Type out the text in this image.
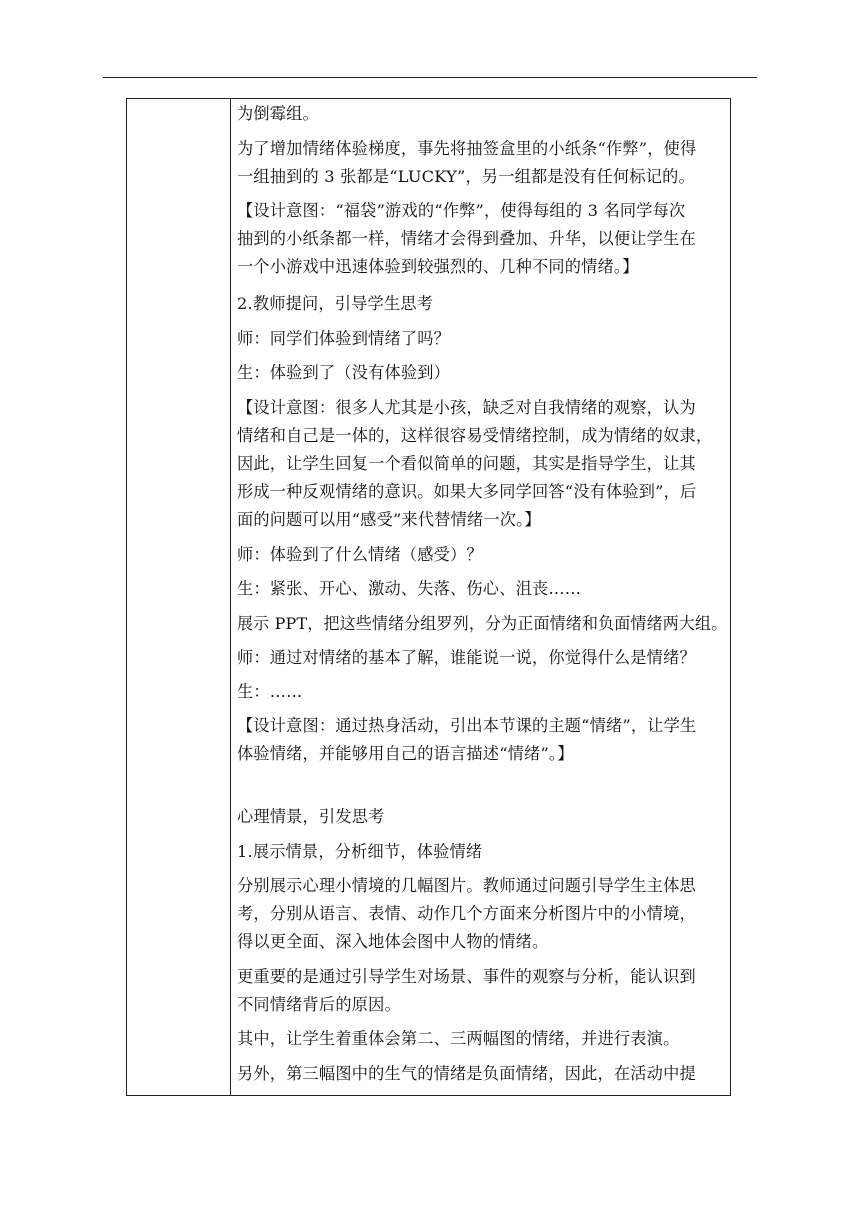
为倒霉组。
为了增加情绪体验梯度，事先将抽签盒里的小纸条“作弊”，使得
一组抽到的 3 张都是“LUCKY”，另一组都是没有任何标记的。
【设计意图：“福袋”游戏的“作弊”，使得每组的 3 名同学每次
抽到的小纸条都一样，情绪才会得到叠加、升华，以便让学生在
一个小游戏中迅速体验到较强烈的、几种不同的情绪。】
2.教师提问，引导学生思考
师：同学们体验到情绪了吗？
生：体验到了（没有体验到）
【设计意图：很多人尤其是小孩，缺乏对自我情绪的观察，认为
情绪和自己是一体的，这样很容易受情绪控制，成为情绪的奴隶，
因此，让学生回复一个看似简单的问题，其实是指导学生，让其
形成一种反观情绪的意识。如果大多同学回答“没有体验到”，后
面的问题可以用“感受”来代替情绪一次。】
师：体验到了什么情绪（感受）？
生：紧张、开心、激动、失落、伤心、沮丧……
展示 PPT，把这些情绪分组罗列，分为正面情绪和负面情绪两大组。
师：通过对情绪的基本了解，谁能说一说，你觉得什么是情绪？
生：……
【设计意图：通过热身活动，引出本节课的主题“情绪”，让学生
体验情绪，并能够用自己的语言描述“情绪”。】
心理情景，引发思考
1.展示情景，分析细节，体验情绪
分别展示心理小情境的几幅图片。教师通过问题引导学生主体思
考，分别从语言、表情、动作几个方面来分析图片中的小情境，
得以更全面、深入地体会图中人物的情绪。
更重要的是通过引导学生对场景、事件的观察与分析，能认识到
不同情绪背后的原因。
其中，让学生着重体会第二、三两幅图的情绪，并进行表演。
另外，第三幅图中的生气的情绪是负面情绪，因此，在活动中提
